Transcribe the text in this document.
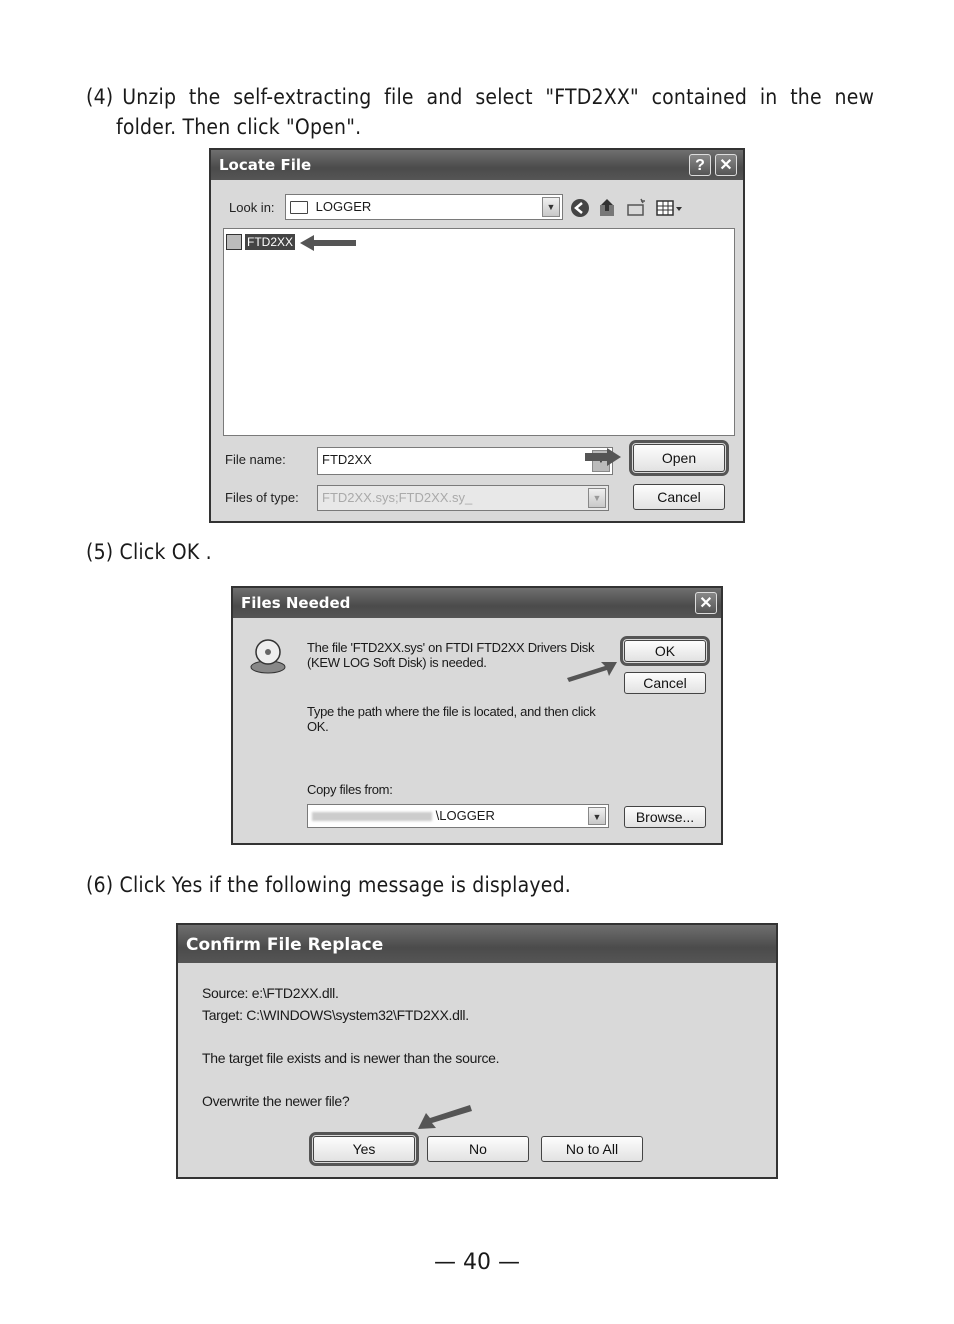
(4) Unzip the self-extracting file and select "FTD2XX" contained in the new
folder. Then click "Open".
Locate File	? ✕
Look in:	LOGGER	▼
FTD2XX
File name:	FTD2XX	Open
Files of type:	FTD2XX.sys;FTD2XX.sy_	▼	Cancel
(5) Click OK .
Files Needed	✕
The file 'FTD2XX.sys' on FTDI FTD2XX Drivers Disk
(KEW LOG Soft Disk) is needed.
Type the path where the file is located, and then click
OK.
Copy files from:
\LOGGER	▼
OK
Cancel
Browse...
(6) Click Yes if the following message is displayed.
Confirm File Replace
Source: e:\FTD2XX.dll.
Target: C:\WINDOWS\system32\FTD2XX.dll.
The target file exists and is newer than the source.
Overwrite the newer file?
Yes	No	No to All
— 40 —
